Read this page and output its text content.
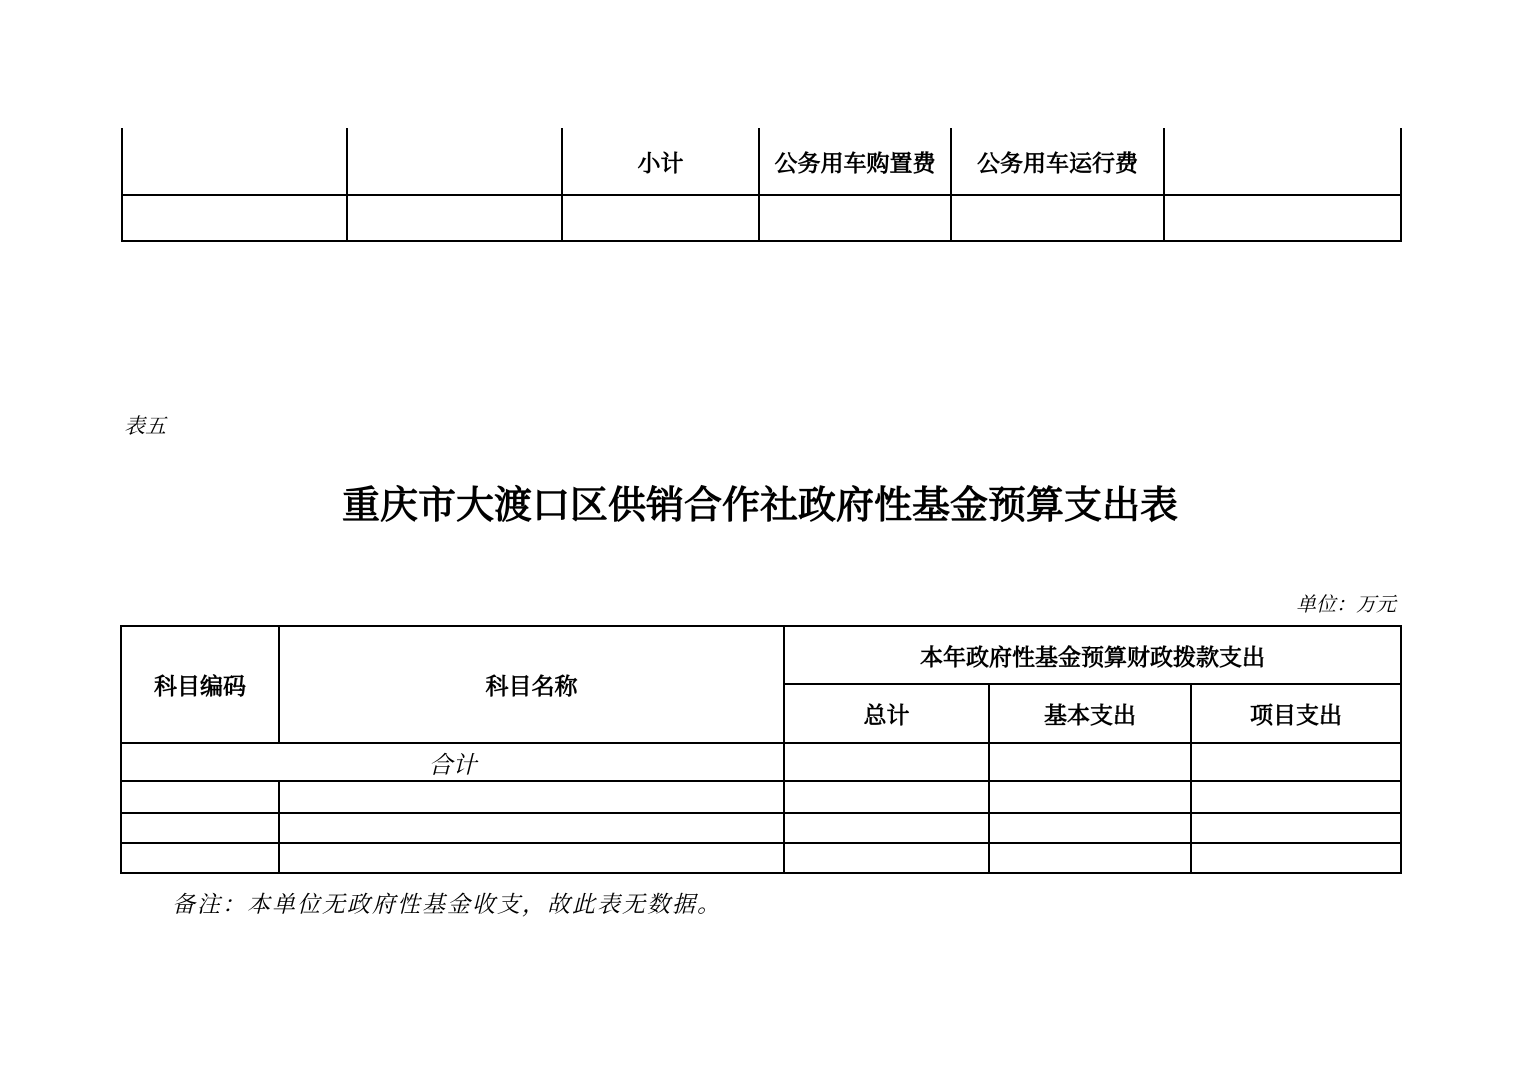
		小计	公务用车购置费	公务用车运行费	

表五
重庆市大渡口区供销合作社政府性基金预算支出表
单位：万元
科目编码	科目名称	本年政府性基金预算财政拨款支出		
		总计	基本支出	项目支出
合计				

备注：本单位无政府性基金收支，故此表无数据。
